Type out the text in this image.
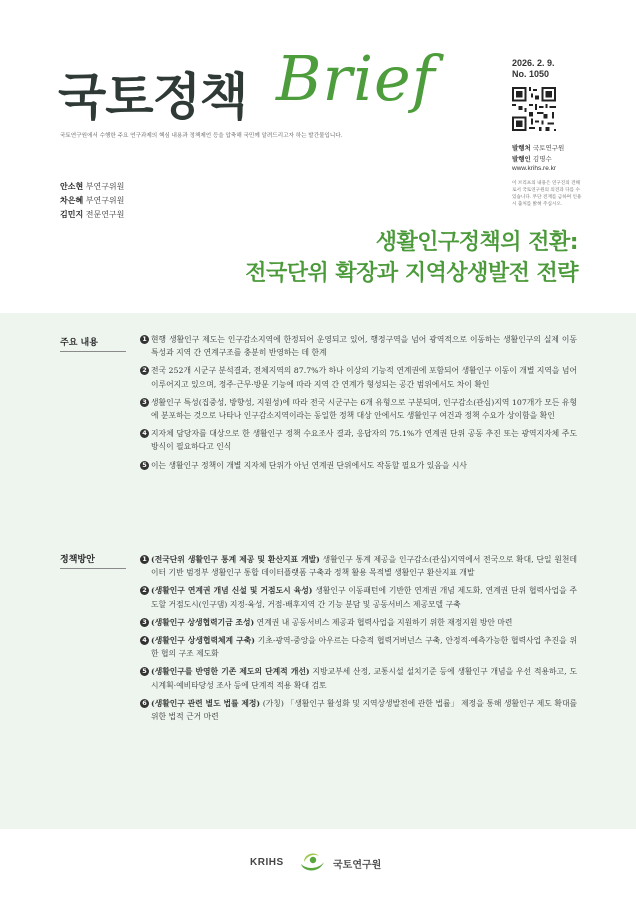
국토정책 Brief
국토연구원에서 수행한 주요 연구과제의 핵심 내용과 정책제언 등을 압축해 국민께 알려드리고자 하는 발간물입니다.
2026. 2. 9.
No. 1050
발행처 국토연구원
발행인 김명수
www.krihs.re.kr
이 브리프의 내용은 연구진의 견해로서 국토연구원의 의견과 다를 수 있습니다. 무단 전재를 금하며 인용 시 출처를 밝혀 주십시오.
안소현 부연구위원
차은혜 부연구위원
김민지 전문연구원
생활인구정책의 전환:
전국단위 확장과 지역상생발전 전략
주요 내용	1 현행 생활인구 제도는 인구감소지역에 한정되어 운영되고 있어, 행정구역을 넘어 광역적으로 이동하는 생활인구의 실제 이동특성과 지역 간 연계구조를 충분히 반영하는 데 한계
2 전국 252개 시군구 분석결과, 전체지역의 87.7%가 하나 이상의 기능적 연계권에 포함되어 생활인구 이동이 개별 지역을 넘어 이루어지고 있으며, 정주·근무·방문 기능에 따라 지역 간 연계가 형성되는 공간 범위에서도 차이 확인
3 생활인구 특성(집중성, 방향성, 지원성)에 따라 전국 시군구는 6개 유형으로 구분되며, 인구감소(관심)지역 107개가 모든 유형에 분포하는 것으로 나타나 인구감소지역이라는 동일한 정책 대상 안에서도 생활인구 여건과 정책 수요가 상이함을 확인
4 지자체 담당자를 대상으로 한 생활인구 정책 수요조사 결과, 응답자의 75.1%가 연계권 단위 공동 추진 또는 광역지자체 주도 방식이 필요하다고 인식
5 이는 생활인구 정책이 개별 지자체 단위가 아닌 연계권 단위에서도 작동할 필요가 있음을 시사
정책방안	1 (전국단위 생활인구 통계 제공 및 환산지표 개발) 생활인구 통계 제공을 인구감소(관심)지역에서 전국으로 확대, 단일 원천데이터 기반 범정부 생활인구 통합 데이터플랫폼 구축과 정책 활용 목적별 생활인구 환산지표 개발
2 (생활인구 연계권 개념 신설 및 거점도시 육성) 생활인구 이동패턴에 기반한 연계권 개념 제도화, 연계권 단위 협력사업을 주도할 거점도시(인구댐) 지정·육성, 거점-배후지역 간 기능 분담 및 공동서비스 제공모델 구축
3 (생활인구 상생협력기금 조성) 연계권 내 공동서비스 제공과 협력사업을 지원하기 위한 재정지원 방안 마련
4 (생활인구 상생협력체계 구축) 기초-광역-중앙을 아우르는 다층적 협력거버넌스 구축, 안정적·예측가능한 협력사업 추진을 위한 협의 구조 제도화
5 (생활인구를 반영한 기존 제도의 단계적 개선) 지방교부세 산정, 교통시설 설치기준 등에 생활인구 개념을 우선 적용하고, 도시계획·예비타당성 조사 등에 단계적 적용 확대 검토
6 (생활인구 관련 별도 법률 제정) (가칭) 「생활인구 활성화 및 지역상생발전에 관한 법률」 제정을 통해 생활인구 제도 확대를 위한 법적 근거 마련
KRIHS	국토연구원
